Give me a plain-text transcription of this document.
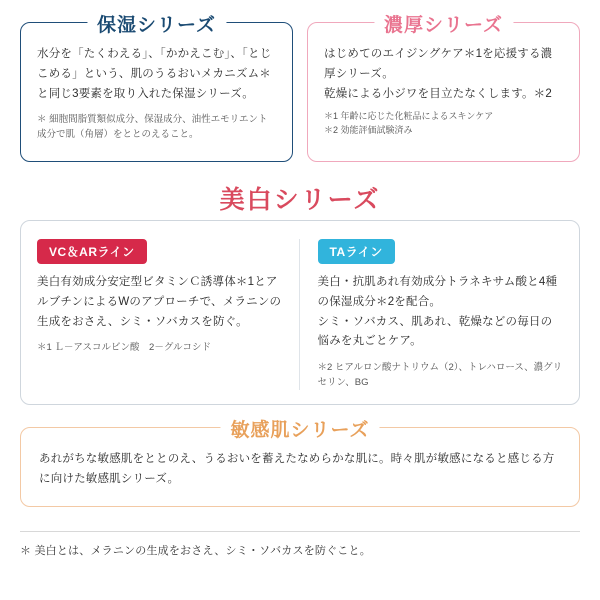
保湿シリーズ
水分を「たくわえる」、「かかえこむ」、「とじこめる」という、肌のうるおいメカニズム＊と同じ3要素を取り入れた保湿シリーズ。
＊ 細胞間脂質類似成分、保湿成分、油性エモリエント成分で肌（角層）をととのえること。
濃厚シリーズ
はじめてのエイジングケア＊1を応援する濃厚シリーズ。
乾燥による小ジワを目立たなくします。＊2
＊1 年齢に応じた化粧品によるスキンケア
＊2 効能評価試験済み
美白シリーズ
VC＆ARライン
美白有効成分安定型ビタミンＣ誘導体＊1とアルブチンによるWのアプローチで、メラニンの生成をおさえ、シミ・ソバカスを防ぐ。
＊1 Ｌ－アスコルビン酸　2－グルコシド
TAライン
美白・抗肌あれ有効成分トラネキサム酸と4種の保湿成分＊2を配合。
シミ・ソバカス、肌あれ、乾燥などの毎日の悩みを丸ごとケア。
＊2 ヒアルロン酸ナトリウム（2）、トレハロース、濃グリセリン、BG
敏感肌シリーズ
あれがちな敏感肌をととのえ、うるおいを蓄えたなめらかな肌に。時々肌が敏感になると感じる方に向けた敏感肌シリーズ。
＊ 美白とは、メラニンの生成をおさえ、シミ・ソバカスを防ぐこと。
